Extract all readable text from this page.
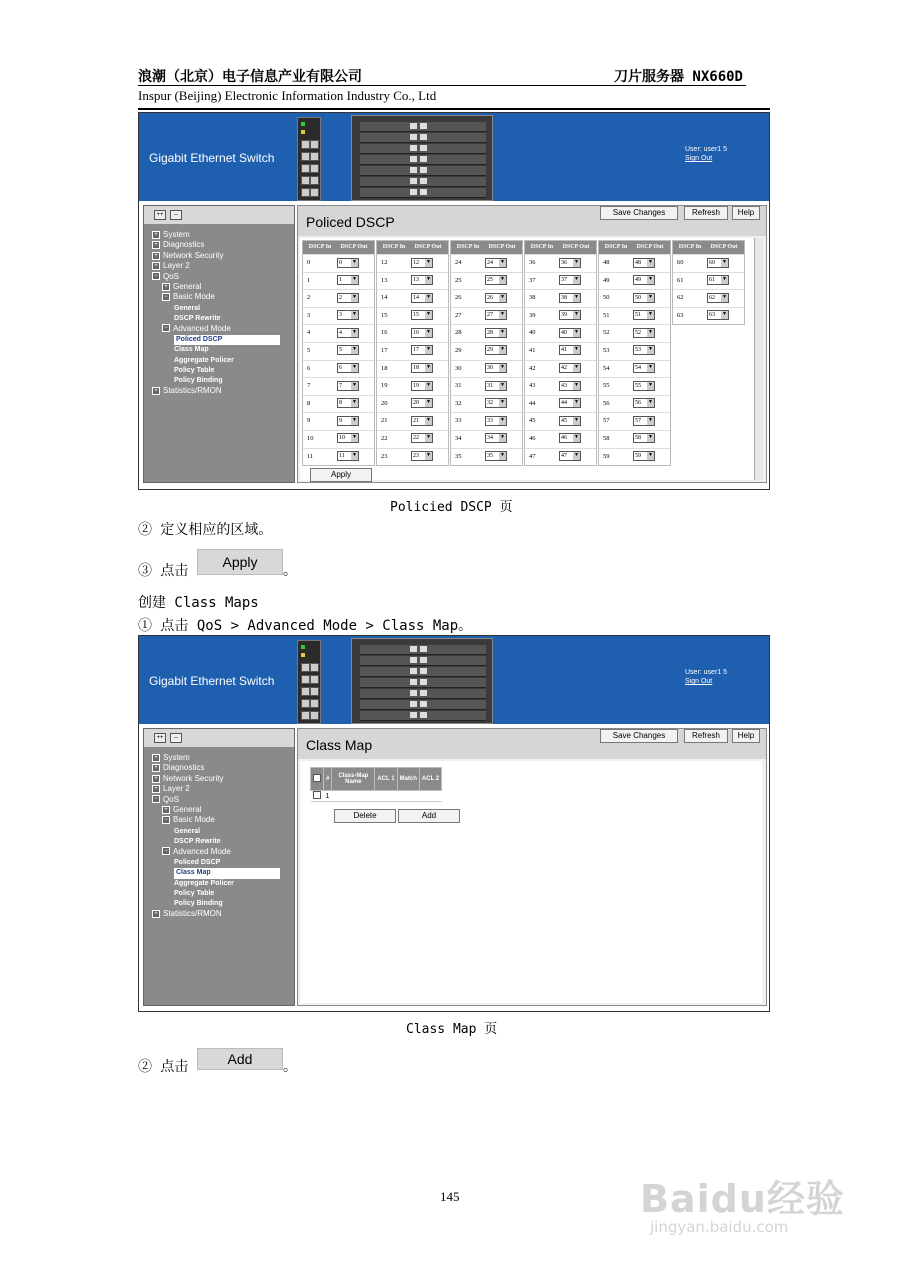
浪潮（北京）电子信息产业有限公司	刀片服务器 NX660D
Inspur (Beijing) Electronic Information Industry Co., Ltd
Gigabit Ethernet Switch
User: user1 5
Sign Out
++	--
+ System
+ Diagnostics
+ Network Security
+ Layer 2
− QoS
+ General
− Basic Mode
General
DSCP Rewrite
− Advanced Mode
Policed DSCP
Class Map
Aggregate Policer
Policy Table
Policy Binding
+ Statistics/RMON
Policed DSCP
Save Changes	Refresh	Help
DSCP In DSCP Out
0	0 ▼
1	1 ▼
2	2 ▼
3	3 ▼
4	4 ▼
5	5 ▼
6	6 ▼
7	7 ▼
8	8 ▼
9	9 ▼
10	10 ▼
11	11 ▼
DSCP In DSCP Out
12	12 ▼
13	13 ▼
14	14 ▼
15	15 ▼
16	16 ▼
17	17 ▼
18	18 ▼
19	19 ▼
20	20 ▼
21	21 ▼
22	22 ▼
23	23 ▼
DSCP In DSCP Out
24	24 ▼
25	25 ▼
26	26 ▼
27	27 ▼
28	28 ▼
29	29 ▼
30	30 ▼
31	31 ▼
32	32 ▼
33	33 ▼
34	34 ▼
35	35 ▼
DSCP In DSCP Out
36	36 ▼
37	37 ▼
38	38 ▼
39	39 ▼
40	40 ▼
41	41 ▼
42	42 ▼
43	43 ▼
44	44 ▼
45	45 ▼
46	46 ▼
47	47 ▼
DSCP In DSCP Out
48	48 ▼
49	49 ▼
50	50 ▼
51	51 ▼
52	52 ▼
53	53 ▼
54	54 ▼
55	55 ▼
56	56 ▼
57	57 ▼
58	58 ▼
59	59 ▼
DSCP In DSCP Out
60	60 ▼
61	61 ▼
62	62 ▼
63	63 ▼
Apply
Policied DSCP 页
② 定义相应的区域。
③ 点击
Apply
。
创建 Class Maps
① 点击 QoS > Advanced Mode > Class Map。
Gigabit Ethernet Switch
User: user1 5
Sign Out
++	--
+ System
+ Diagnostics
+ Network Security
+ Layer 2
− QoS
+ General
− Basic Mode
General
DSCP Rewrite
− Advanced Mode
Policed DSCP
Class Map
Aggregate Policer
Policy Table
Policy Binding
+ Statistics/RMON
Class Map
Save Changes	Refresh	Help
	#	Class-Map Name	ACL 1	Match	ACL 2
	1				
Delete	Add
Class Map 页
② 点击	Add	。
145	Baidu经验
jingyan.baidu.com
